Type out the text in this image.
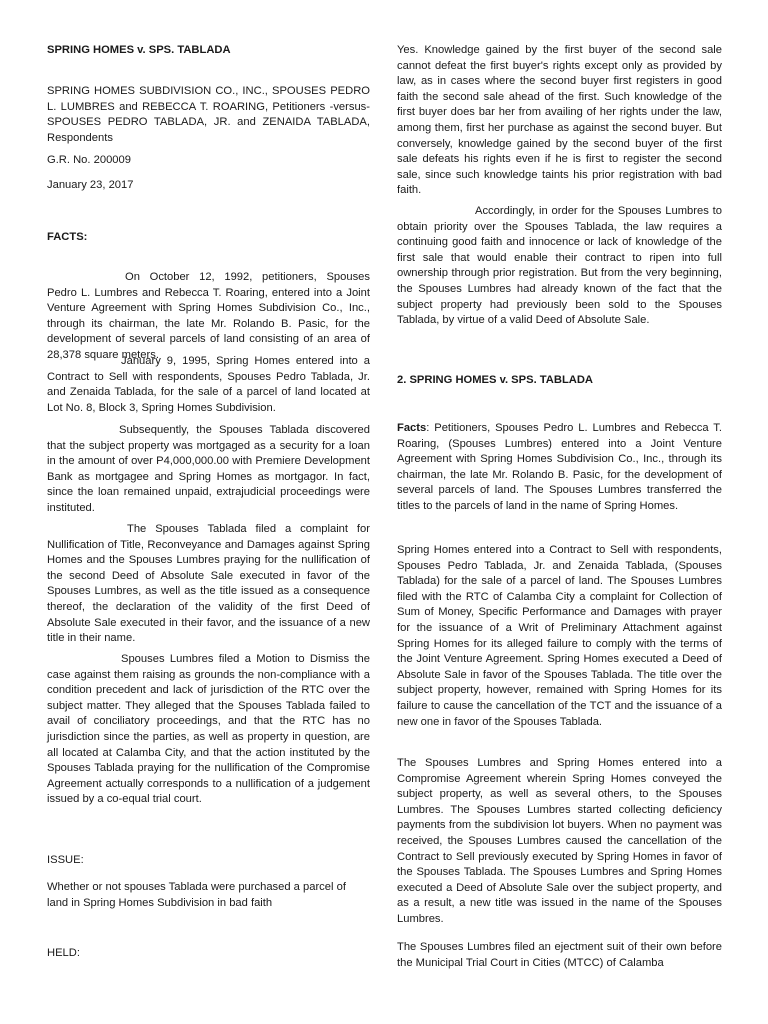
SPRING HOMES v. SPS. TABLADA

SPRING HOMES SUBDIVISION CO., INC., SPOUSES PEDRO L. LUMBRES and REBECCA T. ROARING, Petitioners -versus- SPOUSES PEDRO TABLADA, JR. and ZENAIDA TABLADA, Respondents

G.R. No. 200009

January 23, 2017

FACTS:

On October 12, 1992, petitioners, Spouses Pedro L. Lumbres and Rebecca T. Roaring, entered into a Joint Venture Agreement with Spring Homes Subdivision Co., Inc., through its chairman, the late Mr. Rolando B. Pasic, for the development of several parcels of land consisting of an area of 28,378 square meters.

January 9, 1995, Spring Homes entered into a Contract to Sell with respondents, Spouses Pedro Tablada, Jr. and Zenaida Tablada, for the sale of a parcel of land located at Lot No. 8, Block 3, Spring Homes Subdivision.

Subsequently, the Spouses Tablada discovered that the subject property was mortgaged as a security for a loan in the amount of over P4,000,000.00 with Premiere Development Bank as mortgagee and Spring Homes as mortgagor. In fact, since the loan remained unpaid, extrajudicial proceedings were instituted.

The Spouses Tablada filed a complaint for Nullification of Title, Reconveyance and Damages against Spring Homes and the Spouses Lumbres praying for the nullification of the second Deed of Absolute Sale executed in favor of the Spouses Lumbres, as well as the title issued as a consequence thereof, the declaration of the validity of the first Deed of Absolute Sale executed in their favor, and the issuance of a new title in their name.

Spouses Lumbres filed a Motion to Dismiss the case against them raising as grounds the non-compliance with a condition precedent and lack of jurisdiction of the RTC over the subject matter. They alleged that the Spouses Tablada failed to avail of conciliatory proceedings, and that the RTC has no jurisdiction since the parties, as well as property in question, are all located at Calamba City, and that the action instituted by the Spouses Tablada praying for the nullification of the Compromise Agreement actually corresponds to a nullification of a judgement issued by a co-equal trial court.

ISSUE:

Whether or not spouses Tablada were purchased a parcel of land in Spring Homes Subdivision in bad faith

HELD:

Yes. Knowledge gained by the first buyer of the second sale cannot defeat the first buyer's rights except only as provided by law, as in cases where the second buyer first registers in good faith the second sale ahead of the first. Such knowledge of the first buyer does bar her from availing of her rights under the law, among them, first her purchase as against the second buyer. But conversely, knowledge gained by the second buyer of the first sale defeats his rights even if he is first to register the second sale, since such knowledge taints his prior registration with bad faith.

Accordingly, in order for the Spouses Lumbres to obtain priority over the Spouses Tablada, the law requires a continuing good faith and innocence or lack of knowledge of the first sale that would enable their contract to ripen into full ownership through prior registration. But from the very beginning, the Spouses Lumbres had already known of the fact that the subject property had previously been sold to the Spouses Tablada, by virtue of a valid Deed of Absolute Sale.

2. SPRING HOMES v. SPS. TABLADA

Facts: Petitioners, Spouses Pedro L. Lumbres and Rebecca T. Roaring, (Spouses Lumbres) entered into a Joint Venture Agreement with Spring Homes Subdivision Co., Inc., through its chairman, the late Mr. Rolando B. Pasic, for the development of several parcels of land. The Spouses Lumbres transferred the titles to the parcels of land in the name of Spring Homes.

Spring Homes entered into a Contract to Sell with respondents, Spouses Pedro Tablada, Jr. and Zenaida Tablada, (Spouses Tablada) for the sale of a parcel of land. The Spouses Lumbres filed with the RTC of Calamba City a complaint for Collection of Sum of Money, Specific Performance and Damages with prayer for the issuance of a Writ of Preliminary Attachment against Spring Homes for its alleged failure to comply with the terms of the Joint Venture Agreement. Spring Homes executed a Deed of Absolute Sale in favor of the Spouses Tablada. The title over the subject property, however, remained with Spring Homes for its failure to cause the cancellation of the TCT and the issuance of a new one in favor of the Spouses Tablada.

The Spouses Lumbres and Spring Homes entered into a Compromise Agreement wherein Spring Homes conveyed the subject property, as well as several others, to the Spouses Lumbres. The Spouses Lumbres started collecting deficiency payments from the subdivision lot buyers. When no payment was received, the Spouses Lumbres caused the cancellation of the Contract to Sell previously executed by Spring Homes in favor of the Spouses Tablada. The Spouses Lumbres and Spring Homes executed a Deed of Absolute Sale over the subject property, and as a result, a new title was issued in the name of the Spouses Lumbres.

The Spouses Lumbres filed an ejectment suit of their own before the Municipal Trial Court in Cities (MTCC) of Calamba
